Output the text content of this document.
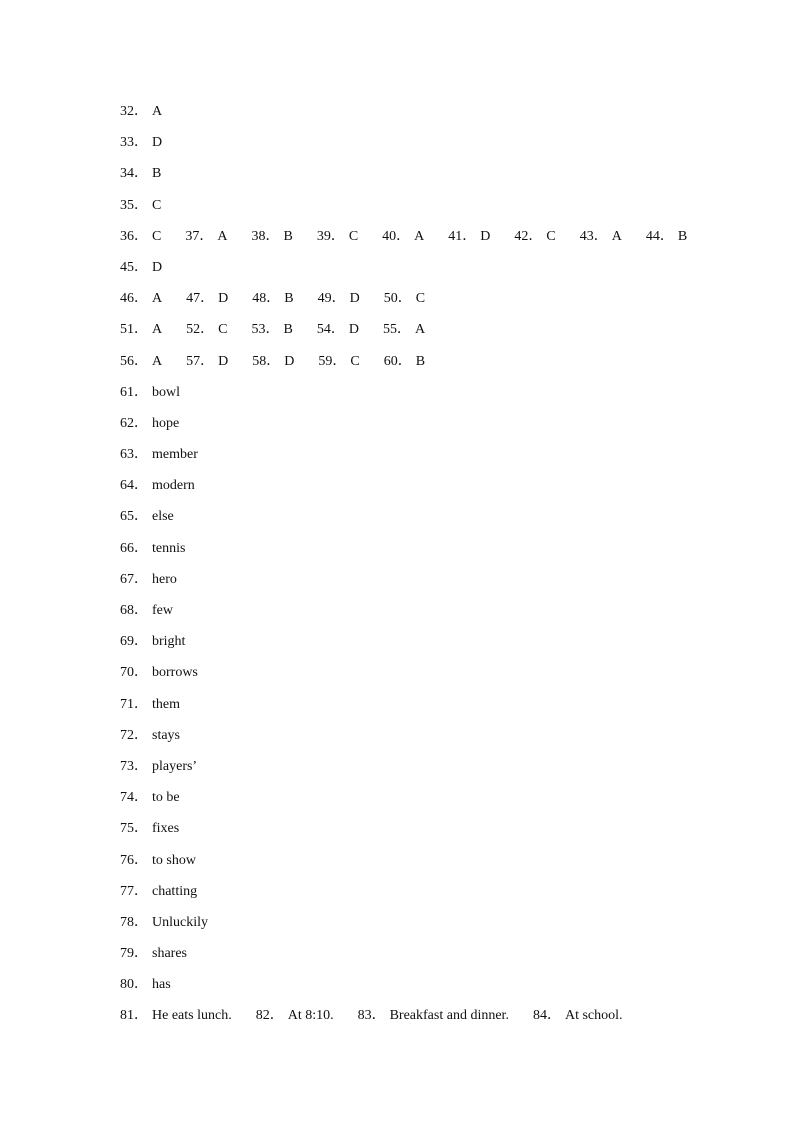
32 ． A
33 ． D
34 ． B
35 ． C
36 ． C 37 ． A 38 ． B 39 ． C 40 ． A 41 ． D 42 ． C 43 ． A 44 ． B
45 ． D
46 ． A 47 ． D 48 ． B 49 ． D 50 ． C
51 ． A 52 ． C 53 ． B 54 ． D 55 ． A
56 ． A 57 ． D 58 ． D 59 ． C 60 ． B
61 ． bowl
62 ． hope
63 ． member
64 ． modern
65 ． else
66 ． tennis
67 ． hero
68 ． few
69 ． bright
70 ． borrows
71 ． them
72 ． stays
73 ． players’
74 ． to be
75 ． fixes
76 ． to show
77 ． chatting
78 ． Unluckily
79 ． shares
80 ． has
81 ． He eats lunch. 82 ． At 8:10. 83 ． Breakfast and dinner. 84 ． At school.
